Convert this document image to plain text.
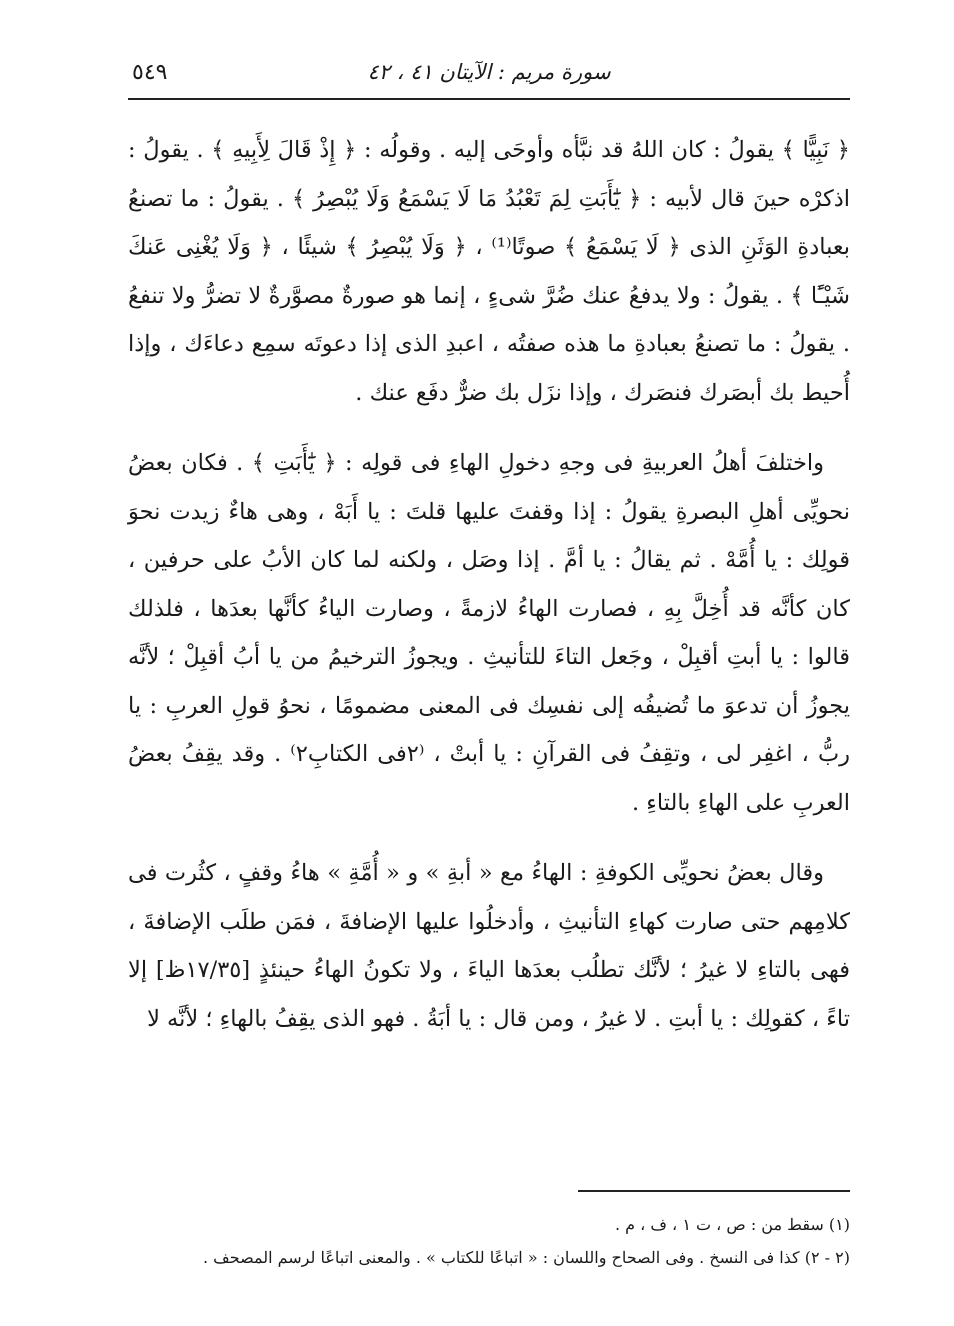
٥٤٩	سورة مريم : الآيتان ٤١ ، ٤٢

﴿ نَبِيًّا ﴾ يقولُ : كان اللهُ قد نبَّأه وأوحَى إليه . وقولُه : ﴿ إِذْ قَالَ لِأَبِيهِ ﴾ . يقولُ : اذكرْه حينَ قال لأبيه : ﴿ يَٰٓأَبَتِ لِمَ تَعْبُدُ مَا لَا يَسْمَعُ وَلَا يُبْصِرُ ﴾ . يقولُ : ما تصنعُ بعبادةِ الوَثَنِ الذى ﴿ لَا يَسْمَعُ ﴾ صوتًا⁽¹⁾ ، ﴿ وَلَا يُبْصِرُ ﴾ شيئًا ، ﴿ وَلَا يُغْنِى عَنكَ شَيْـًٔا ﴾ . يقولُ : ولا يدفعُ عنك ضُرَّ شىءٍ ، إنما هو صورةٌ مصوَّرةٌ لا تضرُّ ولا تنفعُ . يقولُ : ما تصنعُ بعبادةِ ما هذه صفتُه ، اعبدِ الذى إذا دعوتَه سمِع دعاءَك ، وإذا أُحيط بك أبصَرك فنصَرك ، وإذا نزَل بك ضرٌّ دفَع عنك .

واختلفَ أهلُ العربيةِ فى وجهِ دخولِ الهاءِ فى قولِه : ﴿ يَٰٓأَبَتِ ﴾ . فكان بعضُ نحويِّى أهلِ البصرةِ يقولُ : إذا وقفتَ عليها قلتَ : يا أَبَهْ ، وهى هاءٌ زيدت نحوَ قولِك : يا أُمَّهْ . ثم يقالُ : يا أمَّ . إذا وصَل ، ولكنه لما كان الأبُ على حرفين ، كان كأنَّه قد أُخِلَّ بِهِ ، فصارت الهاءُ لازمةً ، وصارت الياءُ كأنَّها بعدَها ، فلذلك قالوا : يا أبتِ أقبِلْ ، وجَعل التاءَ للتأنيثِ . ويجوزُ الترخيمُ من يا أبُ أقبِلْ ؛ لأنَّه يجوزُ أن تدعوَ ما تُضيفُه إلى نفسِك فى المعنى مضمومًا ، نحوُ قولِ العربِ : يا ربُّ ، اغفِر لى ، وتقِفُ فى القرآنِ : يا أبتْ ، ⁽٢فى الكتابِ٢⁾ . وقد يقِفُ بعضُ العربِ على الهاءِ بالتاءِ .

وقال بعضُ نحويِّى الكوفةِ : الهاءُ مع « أبةِ » و « أُمَّةِ » هاءُ وقفٍ ، كثُرت فى كلامِهم حتى صارت كهاءِ التأنيثِ ، وأدخلُوا عليها الإضافةَ ، فمَن طلَب الإضافةَ ، فهى بالتاءِ لا غيرُ ؛ لأنَّك تطلُب بعدَها الياءَ ، ولا تكونُ الهاءُ حينئذٍ [١٧/٣٥ظ] إلا تاءً ، كقولِك : يا أبتِ . لا غيرُ ، ومن قال : يا أبَةُ . فهو الذى يقِفُ بالهاءِ ؛ لأنَّه لا

(١) سقط من : ص ، ت ١ ، ف ، م .
(٢ - ٢) كذا فى النسخ . وفى الصحاح واللسان : « اتباعًا للكتاب » . والمعنى اتباعًا لرسم المصحف .
